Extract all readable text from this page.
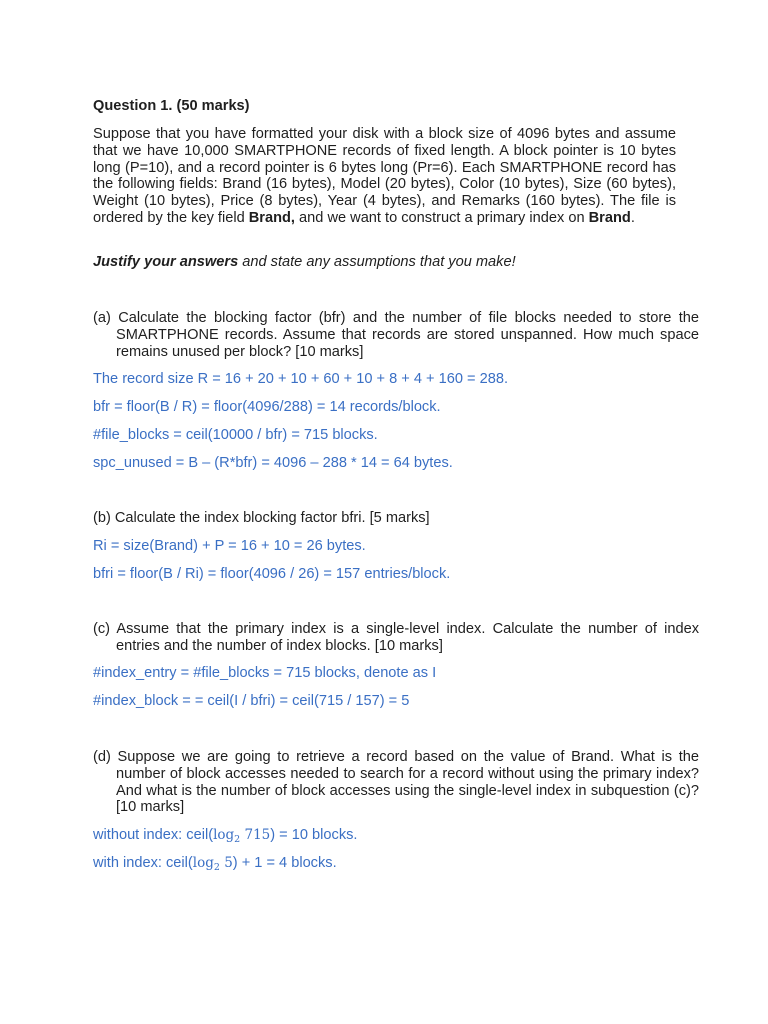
Question 1. (50 marks)
Suppose that you have formatted your disk with a block size of 4096 bytes and assume that we have 10,000 SMARTPHONE records of fixed length. A block pointer is 10 bytes long (P=10), and a record pointer is 6 bytes long (Pr=6). Each SMARTPHONE record has the following fields: Brand (16 bytes), Model (20 bytes), Color (10 bytes), Size (60 bytes), Weight (10 bytes), Price (8 bytes), Year (4 bytes), and Remarks (160 bytes). The file is ordered by the key field Brand, and we want to construct a primary index on Brand.
Justify your answers and state any assumptions that you make!
(a) Calculate the blocking factor (bfr) and the number of file blocks needed to store the SMARTPHONE records. Assume that records are stored unspanned. How much space remains unused per block? [10 marks]
The record size R = 16 + 20 + 10 + 60 + 10 + 8 + 4 + 160 = 288.
bfr = floor(B / R) = floor(4096/288) = 14 records/block.
#file_blocks = ceil(10000 / bfr) = 715 blocks.
spc_unused = B – (R*bfr) = 4096 – 288 * 14 = 64 bytes.
(b) Calculate the index blocking factor bfri. [5 marks]
Ri = size(Brand) + P = 16 + 10 = 26 bytes.
bfri = floor(B / Ri) = floor(4096 / 26) = 157 entries/block.
(c) Assume that the primary index is a single-level index. Calculate the number of index entries and the number of index blocks. [10 marks]
#index_entry = #file_blocks = 715 blocks, denote as I
#index_block = = ceil(I / bfri) = ceil(715 / 157) = 5
(d) Suppose we are going to retrieve a record based on the value of Brand. What is the number of block accesses needed to search for a record without using the primary index? And what is the number of block accesses using the single-level index in subquestion (c)? [10 marks]
without index: $ceil(\log_2$ 715) = 10 blocks.
with index: $ceil(\log_2$ 5) + 1 = 4 blocks.
